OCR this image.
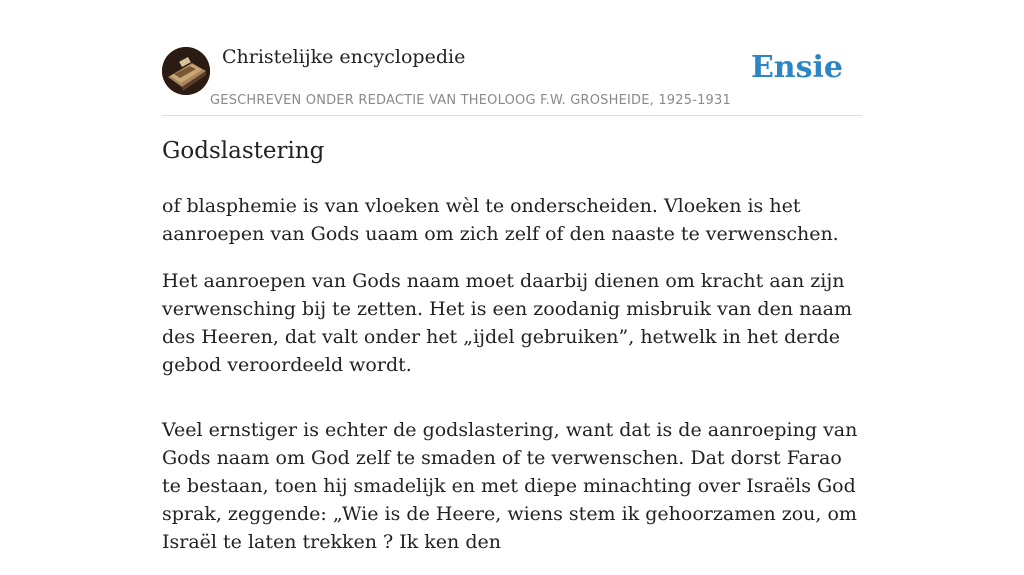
Christelijke encyclopedie
GESCHREVEN ONDER REDACTIE VAN THEOLOOG F.W. GROSHEIDE, 1925-1931
Ensie
Godslastering

of blasphemie is van vloeken wèl te onderscheiden. Vloeken is het aanroepen van Gods uaam om zich zelf of den naaste te verwenschen.

Het aanroepen van Gods naam moet daarbij dienen om kracht aan zijn verwensching bij te zetten. Het is een zoodanig misbruik van den naam des Heeren, dat valt onder het „ijdel gebruiken”, hetwelk in het derde gebod veroordeeld wordt.

Veel ernstiger is echter de godslastering, want dat is de aanroeping van Gods naam om God zelf te smaden of te verwenschen. Dat dorst Farao te bestaan, toen hij smadelijk en met diepe minachting over Israëls God sprak, zeggende: „Wie is de Heere, wiens stem ik gehoorzamen zou, om Israël te laten trekken ? Ik ken den
